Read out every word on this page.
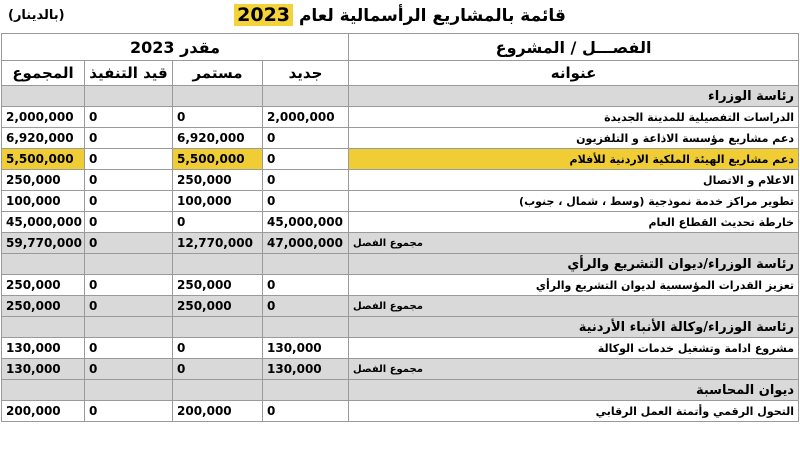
قائمة بالمشاريع الرأسمالية لعام 2023
(بالدينار)
مقدر 2023				الفصـــل / المشروع
المجموع	قيد التنفيذ	مستمر	جديد	عنوانه
				رئاسة الوزراء
2,000,000	0	0	2,000,000	الدراسات التفصيلية للمدينة الجديدة
6,920,000	0	6,920,000	0	دعم مشاريع مؤسسة الاذاعة و التلفزيون
5,500,000	0	5,500,000	0	دعم مشاريع الهيئة الملكية الاردنية للأفلام
250,000	0	250,000	0	الاعلام و الاتصال
100,000	0	100,000	0	تطوير مراكز خدمة نموذجية (وسط ، شمال ، جنوب)
45,000,000	0	0	45,000,000	خارطة تحديث القطاع العام
59,770,000	0	12,770,000	47,000,000	مجموع الفصل
				رئاسة الوزراء/ديوان التشريع والرأي
250,000	0	250,000	0	تعزيز القدرات المؤسسية لديوان التشريع والرأي
250,000	0	250,000	0	مجموع الفصل
				رئاسة الوزراء/وكالة الأنباء الأردنية
130,000	0	0	130,000	مشروع ادامة وتشغيل خدمات الوكالة
130,000	0	0	130,000	مجموع الفصل
				ديوان المحاسبة
200,000	0	200,000	0	التحول الرقمي وأتمتة العمل الرقابي
